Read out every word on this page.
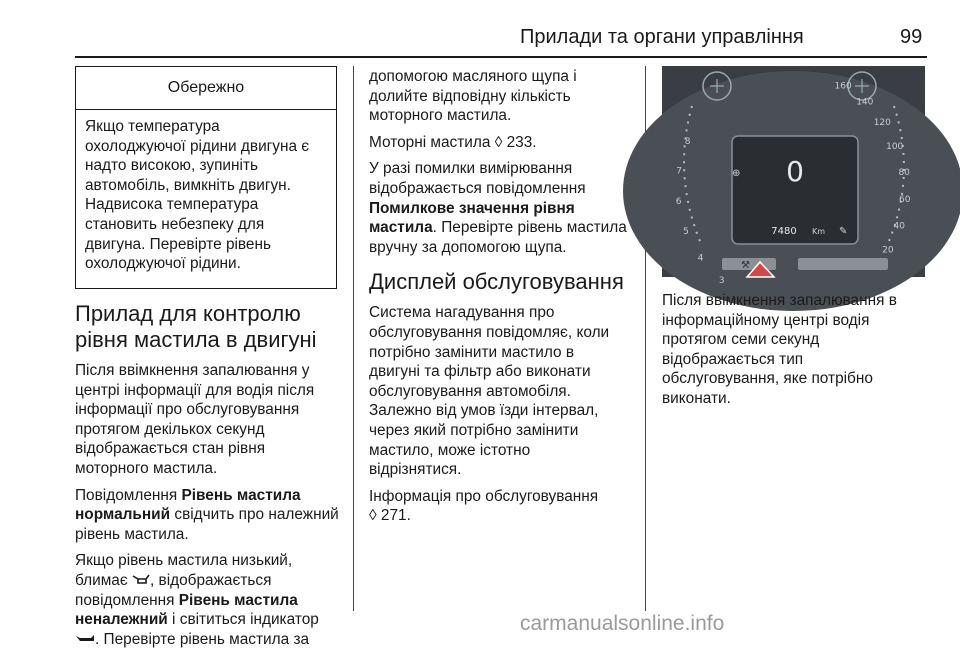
Прилади та органи управління	99
Обережно
Якщо температура
охолоджуючої рідини двигуна є
надто високою, зупиніть
автомобіль, вимкніть двигун.
Надвисока температура
становить небезпеку для
двигуна. Перевірте рівень
охолоджуючої рідини.
Прилад для контролю
рівня мастила в двигуні

Після ввімкнення запалювання у
центрі інформації для водія після
інформації про обслуговування
протягом декількох секунд
відображається стан рівня
моторного мастила.

Повідомлення Рівень мастила
нормальний свідчить про належний
рівень мастила.

Якщо рівень мастила низький,
блимає , відображається
повідомлення Рівень мастила
неналежний і світиться індикатор
. Перевірте рівень мастила за

допомогою масляного щупа і
долийте відповідну кількість
моторного мастила.

Моторні мастила ◊ 233.

У разі помилки вимірювання
відображається повідомлення
Помилкове значення рівня
мастила. Перевірте рівень мастила
вручну за допомогою щупа.

Дисплей обслуговування

Система нагадування про
обслуговування повідомляє, коли
потрібно замінити мастило в
двигуні та фільтр або виконати
обслуговування автомобіля.
Залежно від умов їзди інтервал,
через який потрібно замінити
мастило, може істотно
відрізнятися.

Інформація про обслуговування
◊ 271.

⊕ 0
7480 Km ✎
⚒
20
40
60
80
100
120
140
160
3
4
5
6
7
8

Після ввімкнення запалювання в
інформаційному центрі водія
протягом семи секунд
відображається тип
обслуговування, яке потрібно
виконати.

carmanualsonline.info
